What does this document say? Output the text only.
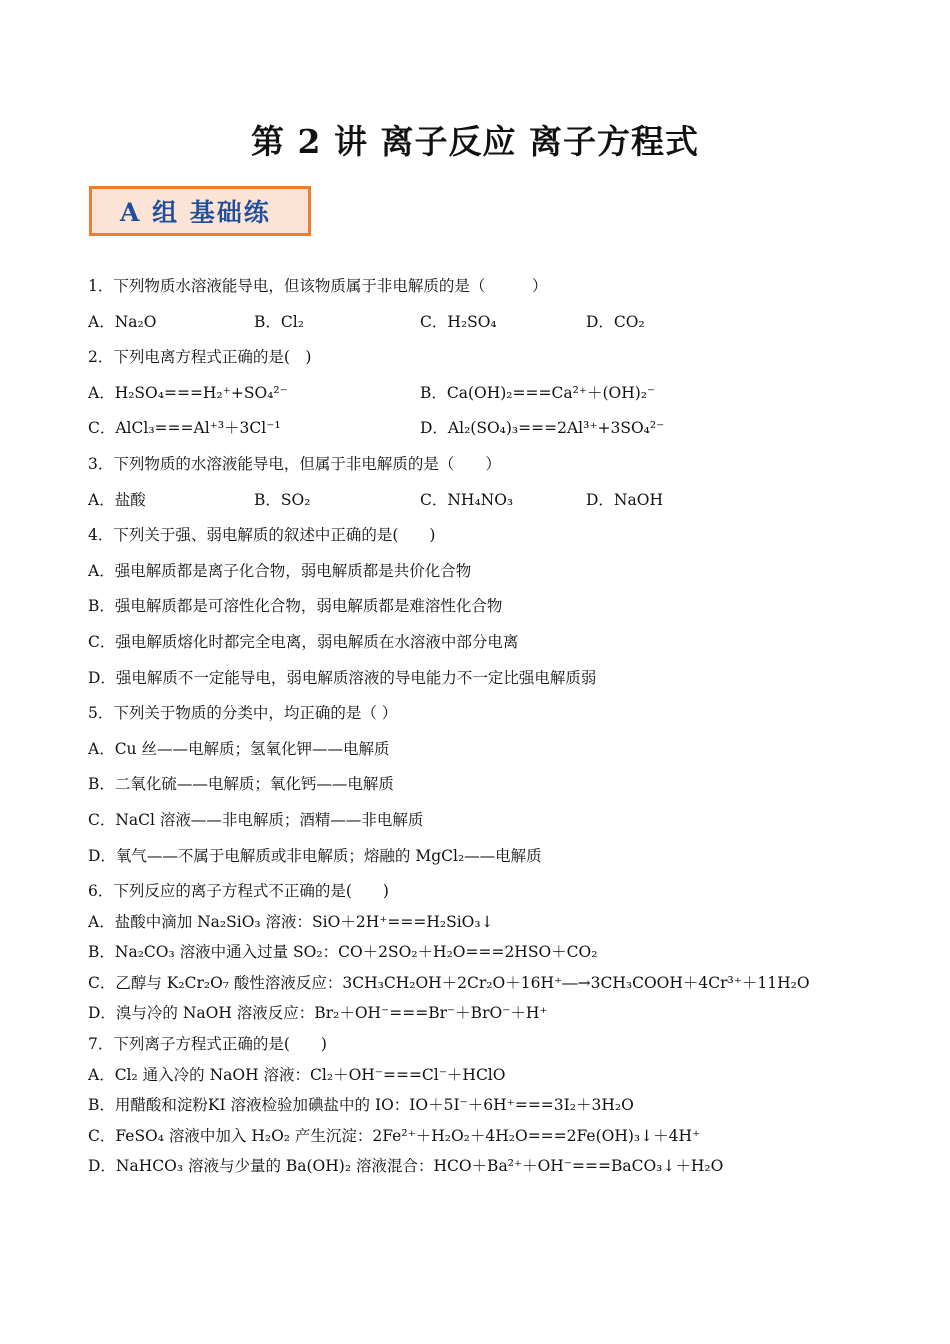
第 2 讲 离子反应 离子方程式
A 组 基础练
1．下列物质水溶液能导电，但该物质属于非电解质的是（　　　）
A．Na₂O	B．Cl₂	C．H₂SO₄	D．CO₂
2．下列电离方程式正确的是(　)
A．H₂SO₄===H₂⁺+SO₄²⁻	B．Ca(OH)₂===Ca²⁺＋(OH)₂⁻
C．AlCl₃===Al⁺³＋3Cl⁻¹	D．Al₂(SO₄)₃===2Al³⁺+3SO₄²⁻
3．下列物质的水溶液能导电，但属于非电解质的是（　　）
A．盐酸	B．SO₂	C．NH₄NO₃	D．NaOH
4．下列关于强、弱电解质的叙述中正确的是(　　)
A．强电解质都是离子化合物，弱电解质都是共价化合物
B．强电解质都是可溶性化合物，弱电解质都是难溶性化合物
C．强电解质熔化时都完全电离，弱电解质在水溶液中部分电离
D．强电解质不一定能导电，弱电解质溶液的导电能力不一定比强电解质弱
5．下列关于物质的分类中，均正确的是（ ）
A．Cu 丝——电解质；氢氧化钾——电解质
B．二氧化硫——电解质；氧化钙——电解质
C．NaCl 溶液——非电解质；酒精——非电解质
D．氧气——不属于电解质或非电解质；熔融的 MgCl₂——电解质
6．下列反应的离子方程式不正确的是(　　)
A．盐酸中滴加 Na₂SiO₃ 溶液：SiO＋2H⁺===H₂SiO₃↓
B．Na₂CO₃ 溶液中通入过量 SO₂：CO＋2SO₂＋H₂O===2HSO＋CO₂
C．乙醇与 K₂Cr₂O₇ 酸性溶液反应：3CH₃CH₂OH＋2Cr₂O＋16H⁺―→3CH₃COOH＋4Cr³⁺＋11H₂O
D．溴与冷的 NaOH 溶液反应：Br₂＋OH⁻===Br⁻＋BrO⁻＋H⁺
7．下列离子方程式正确的是(　　)
A．Cl₂ 通入冷的 NaOH 溶液：Cl₂＋OH⁻===Cl⁻＋HClO
B．用醋酸和淀粉KI 溶液检验加碘盐中的 IO：IO＋5I⁻＋6H⁺===3I₂＋3H₂O
C．FeSO₄ 溶液中加入 H₂O₂ 产生沉淀：2Fe²⁺＋H₂O₂＋4H₂O===2Fe(OH)₃↓＋4H⁺
D．NaHCO₃ 溶液与少量的 Ba(OH)₂ 溶液混合：HCO＋Ba²⁺＋OH⁻===BaCO₃↓＋H₂O
